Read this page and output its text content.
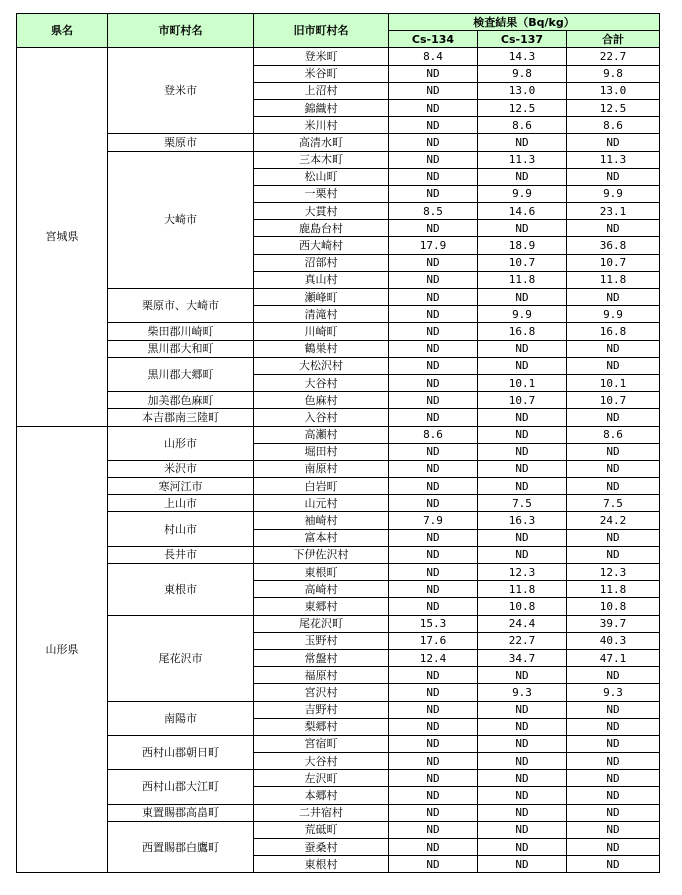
県名	市町村名	旧市町村名	検査結果（Bq/kg）		
			Cs-134	Cs-137	合計
宮城県	登米市	登米町	8.4	14.3	22.7
		米谷町	ND	9.8	9.8
		上沼村	ND	13.0	13.0
		錦織村	ND	12.5	12.5
		米川村	ND	8.6	8.6
	栗原市	高清水町	ND	ND	ND
	大崎市	三本木町	ND	11.3	11.3
		松山町	ND	ND	ND
		一栗村	ND	9.9	9.9
		大貫村	8.5	14.6	23.1
		鹿島台村	ND	ND	ND
		西大崎村	17.9	18.9	36.8
		沼部村	ND	10.7	10.7
		真山村	ND	11.8	11.8
	栗原市、大崎市	瀬峰町	ND	ND	ND
		清滝村	ND	9.9	9.9
	柴田郡川崎町	川崎町	ND	16.8	16.8
	黒川郡大和町	鶴巣村	ND	ND	ND
	黒川郡大郷町	大松沢村	ND	ND	ND
		大谷村	ND	10.1	10.1
	加美郡色麻町	色麻村	ND	10.7	10.7
	本吉郡南三陸町	入谷村	ND	ND	ND
山形県	山形市	高瀬村	8.6	ND	8.6
		堀田村	ND	ND	ND
	米沢市	南原村	ND	ND	ND
	寒河江市	白岩町	ND	ND	ND
	上山市	山元村	ND	7.5	7.5
	村山市	袖崎村	7.9	16.3	24.2
		富本村	ND	ND	ND
	長井市	下伊佐沢村	ND	ND	ND
	東根市	東根町	ND	12.3	12.3
		高崎村	ND	11.8	11.8
		東郷村	ND	10.8	10.8
	尾花沢市	尾花沢町	15.3	24.4	39.7
		玉野村	17.6	22.7	40.3
		常盤村	12.4	34.7	47.1
		福原村	ND	ND	ND
		宮沢村	ND	9.3	9.3
	南陽市	吉野村	ND	ND	ND
		梨郷村	ND	ND	ND
	西村山郡朝日町	宮宿町	ND	ND	ND
		大谷村	ND	ND	ND
	西村山郡大江町	左沢町	ND	ND	ND
		本郷村	ND	ND	ND
	東置賜郡高畠町	二井宿村	ND	ND	ND
	西置賜郡白鷹町	荒砥町	ND	ND	ND
		蚕桑村	ND	ND	ND
		東根村	ND	ND	ND
